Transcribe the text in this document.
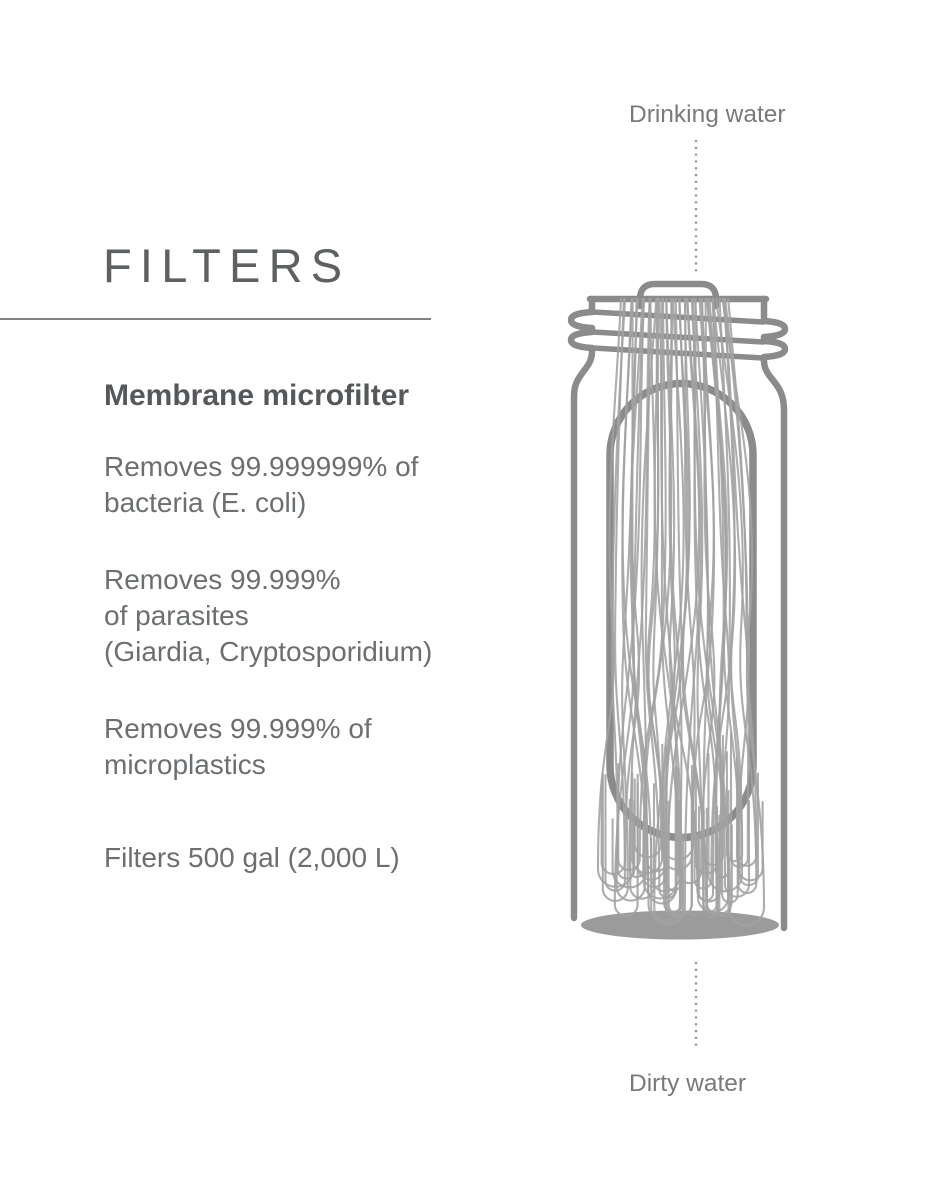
FILTERS
Membrane microfilter
Removes 99.999999% of
bacteria (E. coli)
Removes 99.999%
of parasites
(Giardia, Cryptosporidium)
Removes 99.999% of
microplastics
Filters 500 gal (2,000 L)
Drinking water
Dirty water
